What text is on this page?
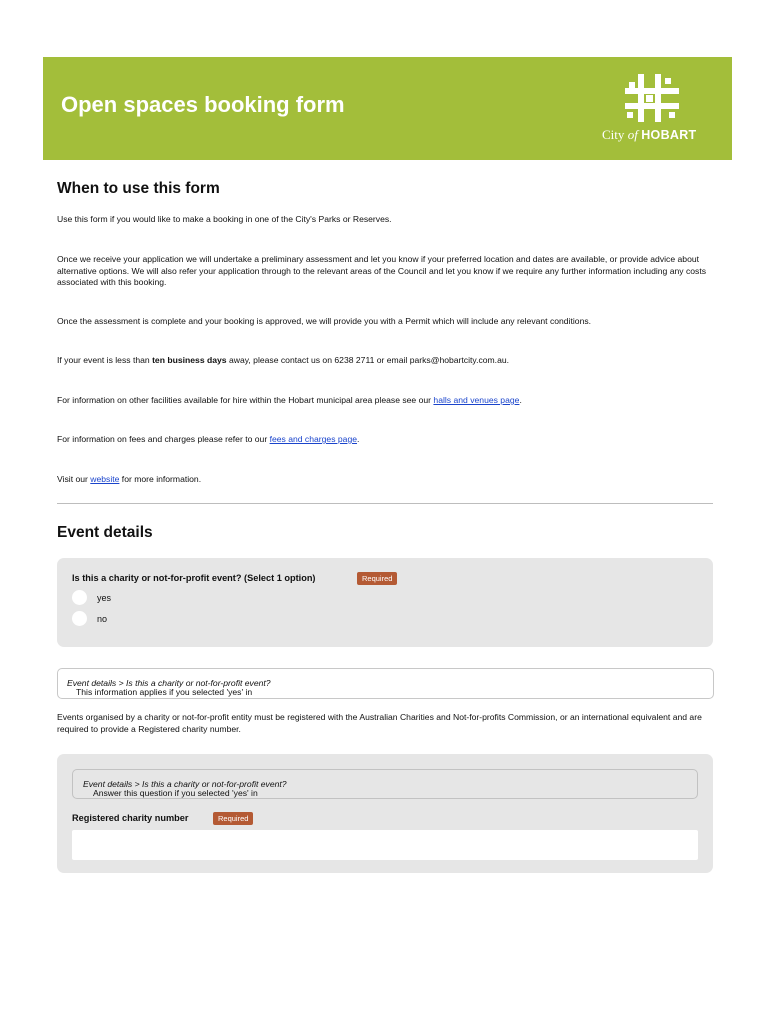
Open spaces booking form
City of HOBART
When to use this form

Use this form if you would like to make a booking in one of the City's Parks or Reserves.

Once we receive your application we will undertake a preliminary assessment and let you know if your preferred location and dates are available, or provide advice about alternative options. We will also refer your application through to the relevant areas of the Council and let you know if we require any further information including any costs associated with this booking.

Once the assessment is complete and your booking is approved, we will provide you with a Permit which will include any relevant conditions.

If your event is less than ten business days away, please contact us on 6238 2711 or email parks@hobartcity.com.au.

For information on other facilities available for hire within the Hobart municipal area please see our halls and venues page.

For information on fees and charges please refer to our fees and charges page.

Visit our website for more information.

Event details
Is this a charity or not-for-profit event? (Select 1 option)	Required
yes
no
This information applies if you selected 'yes' in
Event details > Is this a charity or not-for-profit event?

Events organised by a charity or not-for-profit entity must be registered with the Australian Charities and Not-for-profits Commission, or an international equivalent and are required to provide a Registered charity number.

Answer this question if you selected 'yes' in
Event details > Is this a charity or not-for-profit event?
Registered charity number	Required
